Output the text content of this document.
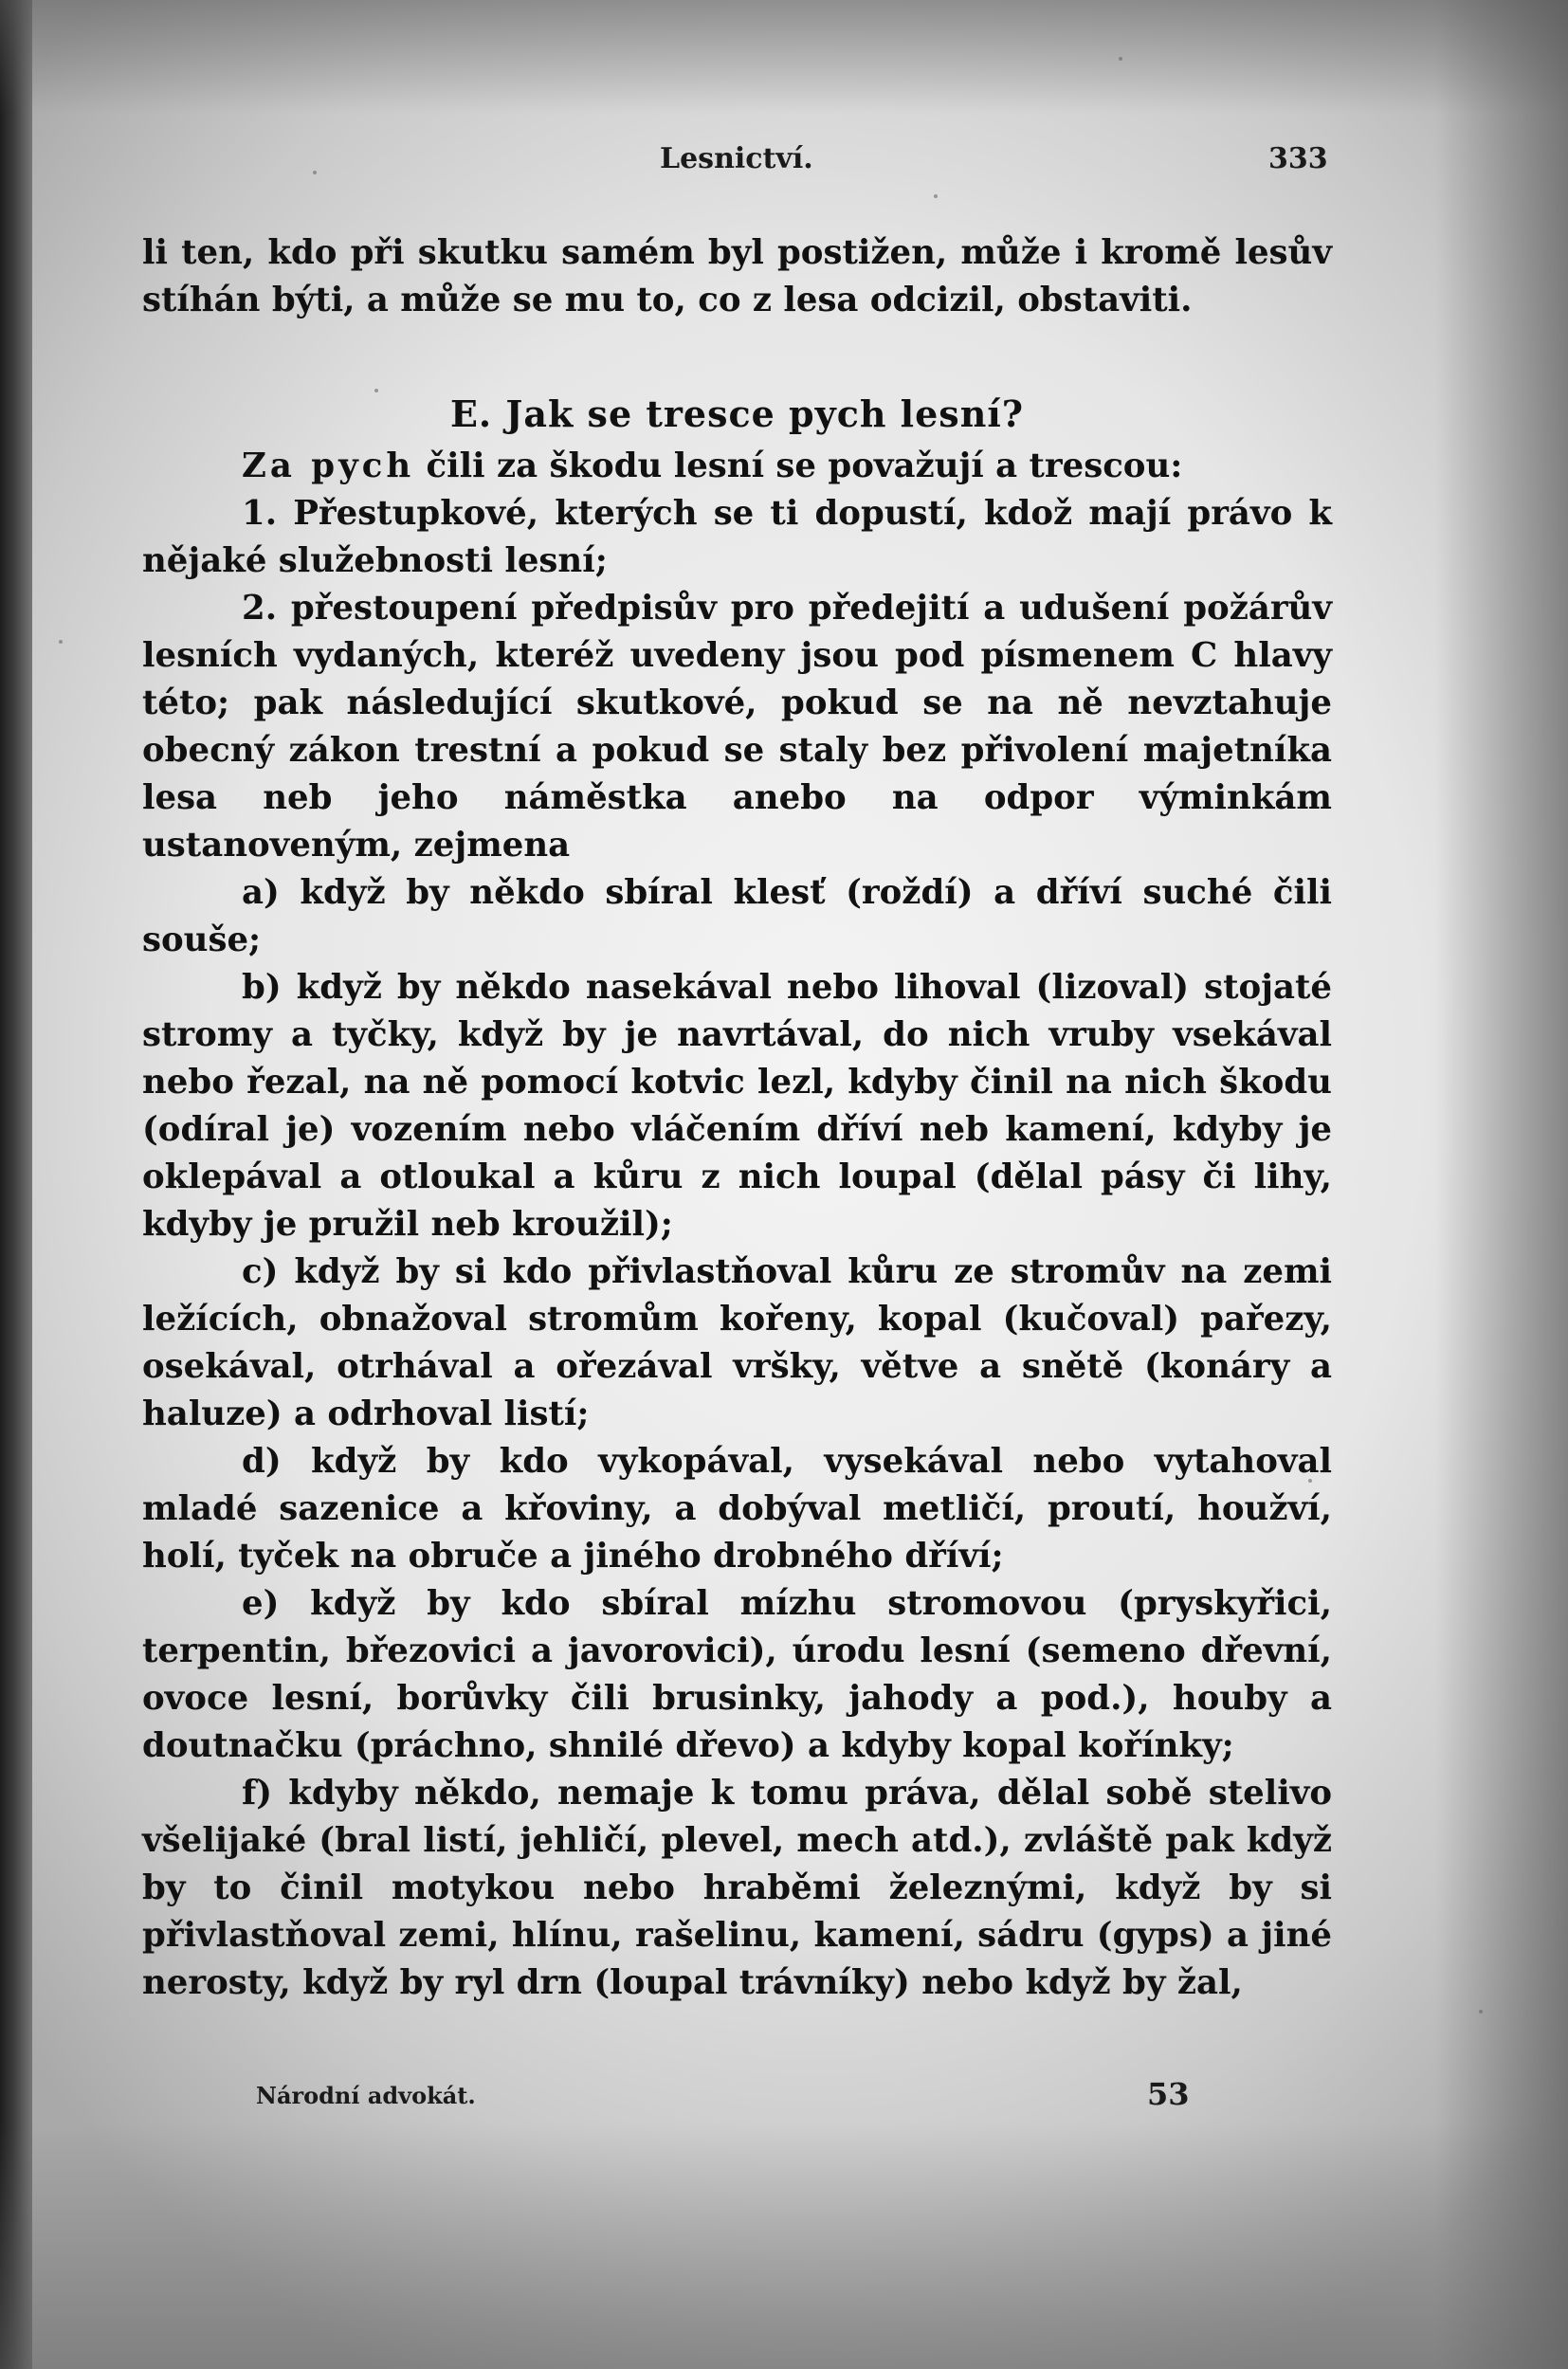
Lesnictví.	333

li ten, kdo při skutku samém byl postižen, může i kromě lesův stíhán býti, a může se mu to, co z lesa odcizil, obstaviti.

E. Jak se tresce pych lesní?

Za pych čili za škodu lesní se považují a trescou:

1. Přestupkové, kterých se ti dopustí, kdož mají právo k nějaké služebnosti lesní;

2. přestoupení předpisův pro předejití a udušení požárův lesních vydaných, kteréž uvedeny jsou pod písmenem C hlavy této; pak následující skutkové, pokud se na ně nevztahuje obecný zákon trestní a pokud se staly bez přivolení majetníka lesa neb jeho náměstka anebo na odpor výminkám ustanoveným, zejmena

a) když by někdo sbíral klesť (roždí) a dříví suché čili souše;

b) když by někdo nasekával nebo lihoval (lizoval) stojaté stromy a tyčky, když by je navrtával, do nich vruby vsekával nebo řezal, na ně pomocí kotvic lezl, kdyby činil na nich škodu (odíral je) vozením nebo vláčením dříví neb kamení, kdyby je oklepával a otloukal a kůru z nich loupal (dělal pásy či lihy, kdyby je pružil neb kroužil);

c) když by si kdo přivlastňoval kůru ze stromův na zemi ležících, obnažoval stromům kořeny, kopal (kučoval) pařezy, osekával, otrhával a ořezával vršky, větve a snětě (konáry a haluze) a odrhoval listí;

d) když by kdo vykopával, vysekával nebo vytahoval mladé sazenice a křoviny, a dobýval metličí, proutí, houžví, holí, tyček na obruče a jiného drobného dříví;

e) když by kdo sbíral mízhu stromovou (pryskyřici, terpentin, březovici a javorovici), úrodu lesní (semeno dřevní, ovoce lesní, borůvky čili brusinky, jahody a pod.), houby a doutnačku (práchno, shnilé dřevo) a kdyby kopal kořínky;

f) kdyby někdo, nemaje k tomu práva, dělal sobě stelivo všelijaké (bral listí, jehličí, plevel, mech atd.), zvláště pak když by to činil motykou nebo hraběmi železnými, když by si přivlastňoval zemi, hlínu, rašelinu, kamení, sádru (gyps) a jiné nerosty, když by ryl drn (loupal trávníky) nebo když by žal,

Národní advokát.	53
